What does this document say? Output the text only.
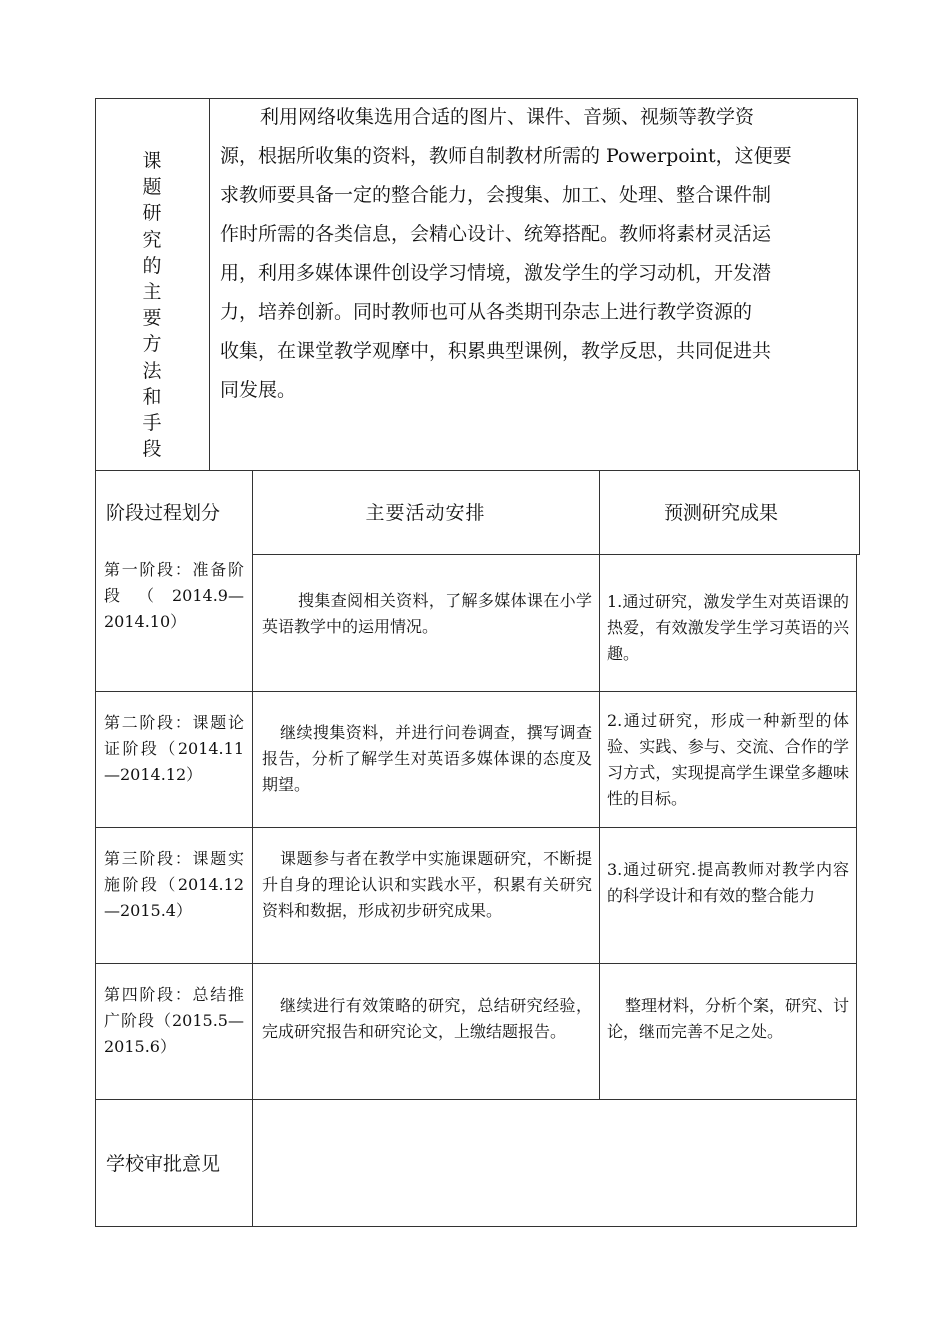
课题研究的主要方法和手段

利用网络收集选用合适的图片、课件、音频、视频等教学资

源，根据所收集的资料，教师自制教材所需的 Powerpoint，这便要

求教师要具备一定的整合能力，会搜集、加工、处理、整合课件制

作时所需的各类信息，会精心设计、统筹搭配。教师将素材灵活运

用，利用多媒体课件创设学习情境，激发学生的学习动机，开发潜

力，培养创新。同时教师也可从各类期刊杂志上进行教学资源的

收集，在课堂教学观摩中，积累典型课例，教学反思，共同促进共

同发展。

阶段过程划分	主要活动安排	预测研究成果
第一阶段：准备阶段（2014.9—2014.10）
搜集查阅相关资料，了解多媒体课在小学英语教学中的运用情况。
1.通过研究，激发学生对英语课的热爱，有效激发学生学习英语的兴趣。
第二阶段：课题论证阶段（2014.11—2014.12）
继续搜集资料，并进行问卷调查，撰写调查报告，分析了解学生对英语多媒体课的态度及期望。
2.通过研究，形成一种新型的体验、实践、参与、交流、合作的学习方式，实现提高学生课堂多趣味性的目标。
第三阶段：课题实施阶段（2014.12—2015.4）
课题参与者在教学中实施课题研究，不断提升自身的理论认识和实践水平，积累有关研究资料和数据，形成初步研究成果。
3.通过研究.提高教师对教学内容的科学设计和有效的整合能力
第四阶段：总结推广阶段（2015.5—2015.6）
继续进行有效策略的研究，总结研究经验，完成研究报告和研究论文，上缴结题报告。
整理材料，分析个案，研究、讨论，继而完善不足之处。
学校审批意见
